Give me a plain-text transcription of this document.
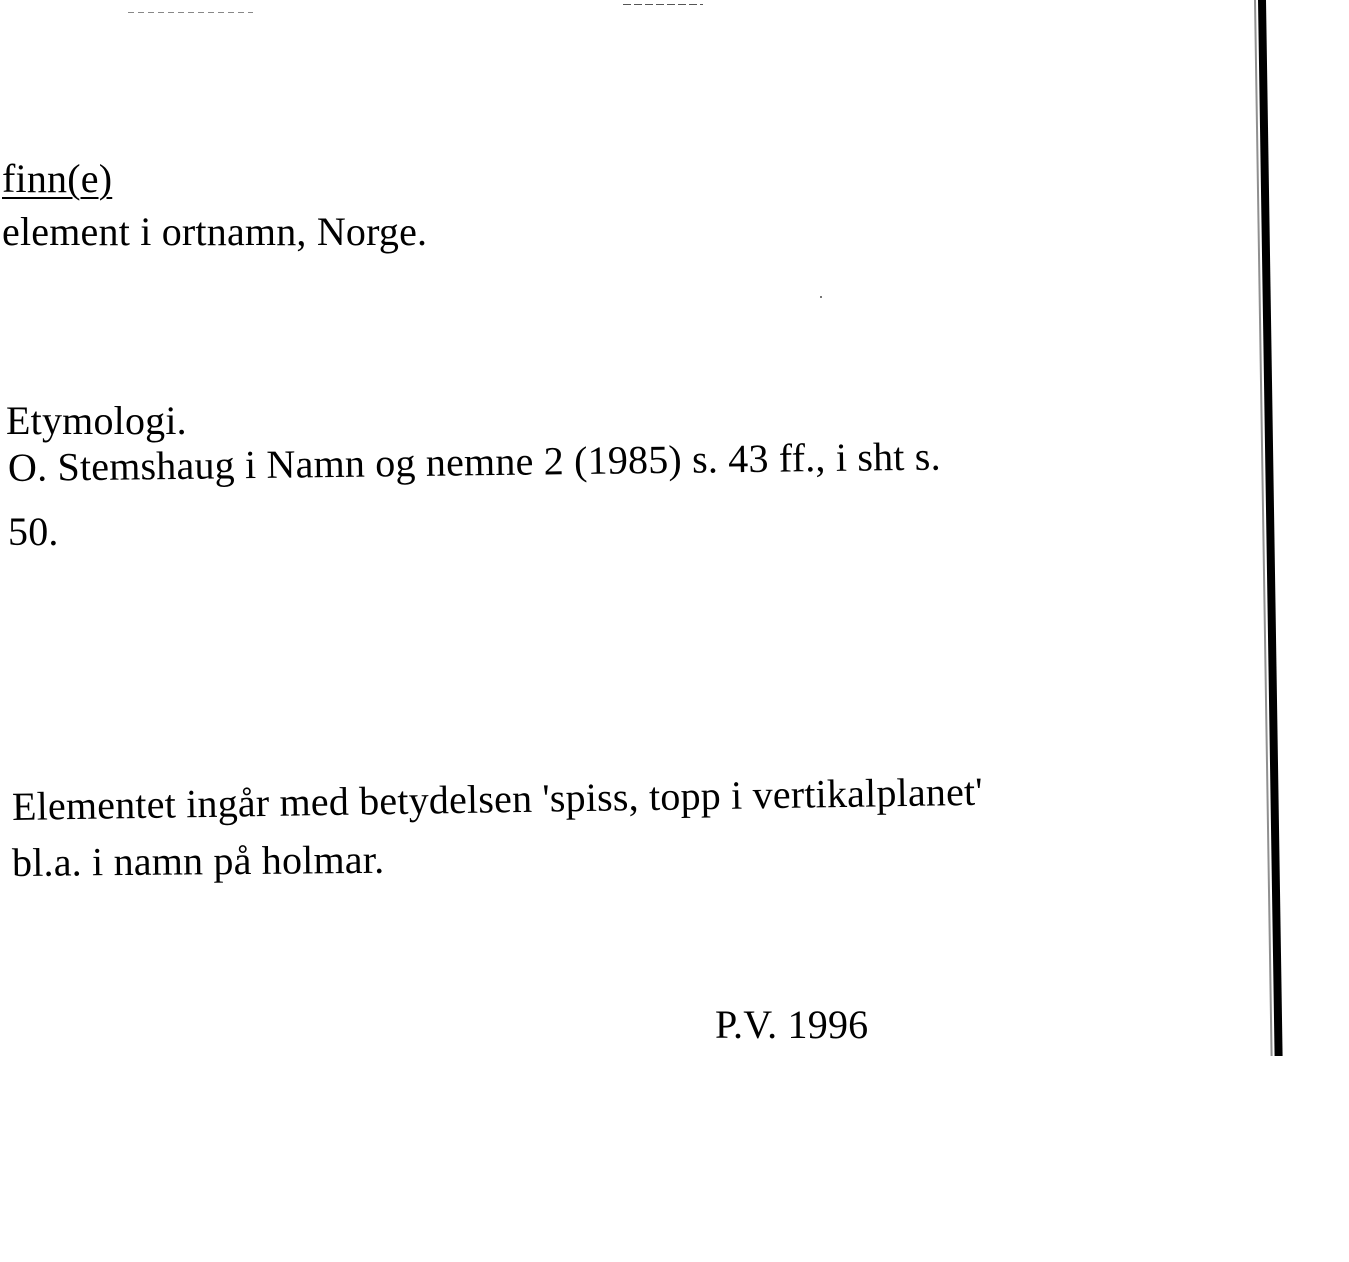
finn(e)
element i ortnamn, Norge.
Etymologi.
O. Stemshaug i Namn og nemne 2 (1985) s. 43 ff., i sht s.
50.
Elementet ingår med betydelsen 'spiss, topp i vertikalplanet'
bl.a. i namn på holmar.
P.V. 1996
